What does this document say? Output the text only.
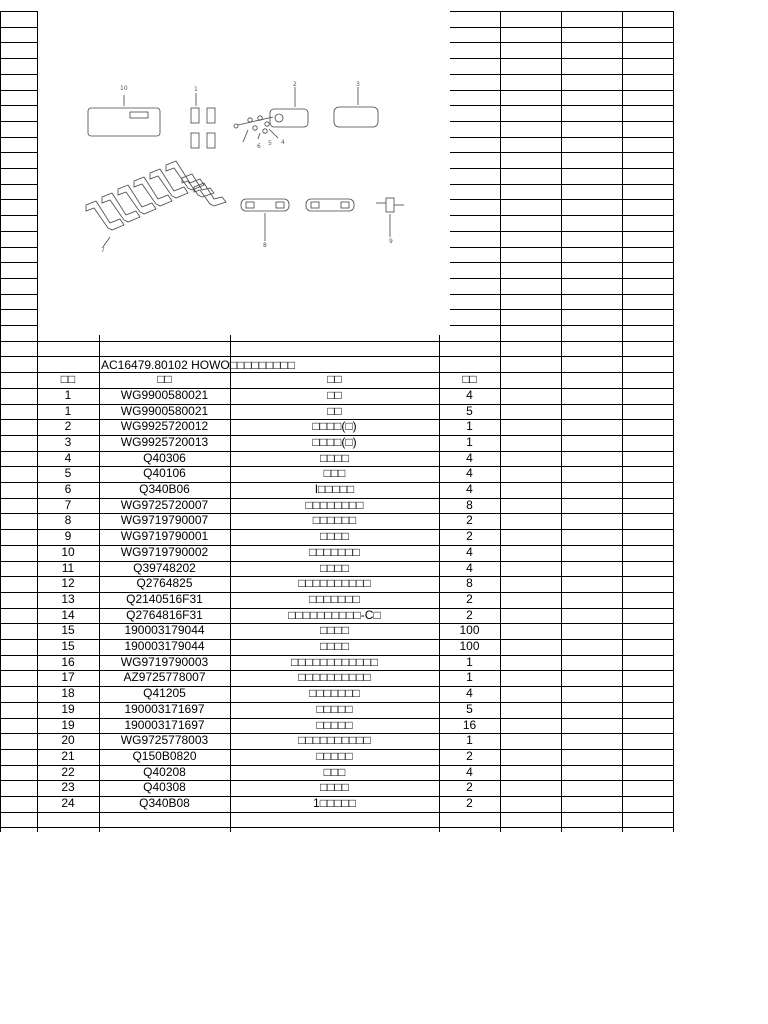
10	1
2	3
6 5 4
7
8
9
AC16479.80102 HOWO□□□□□□□□□
□□	□□	□□	□□
1	WG9900580021	□□	4
1	WG9900580021	□□	5
2	WG9925720012	□□□□(□)	1
3	WG9925720013	□□□□(□)	1
4	Q40306	□□□□	4
5	Q40106	□□□	4
6	Q340B06	I□□□□□	4
7	WG9725720007	□□□□□□□□	8
8	WG9719790007	□□□□□□	2
9	WG9719790001	□□□□	2
10	WG9719790002	□□□□□□□	4
11	Q39748202	□□□□	4
12	Q2764825	□□□□□□□□□□	8
13	Q2140516F31	□□□□□□□	2
14	Q2764816F31	□□□□□□□□□□-C□	2
15	190003179044	□□□□	100
15	190003179044	□□□□	100
16	WG9719790003	□□□□□□□□□□□□	1
17	AZ9725778007	□□□□□□□□□□	1
18	Q41205	□□□□□□□	4
19	190003171697	□□□□□	5
19	190003171697	□□□□□	16
20	WG9725778003	□□□□□□□□□□	1
21	Q150B0820	□□□□□	2
22	Q40208	□□□	4
23	Q40308	□□□□	2
24	Q340B08	1□□□□□	2
